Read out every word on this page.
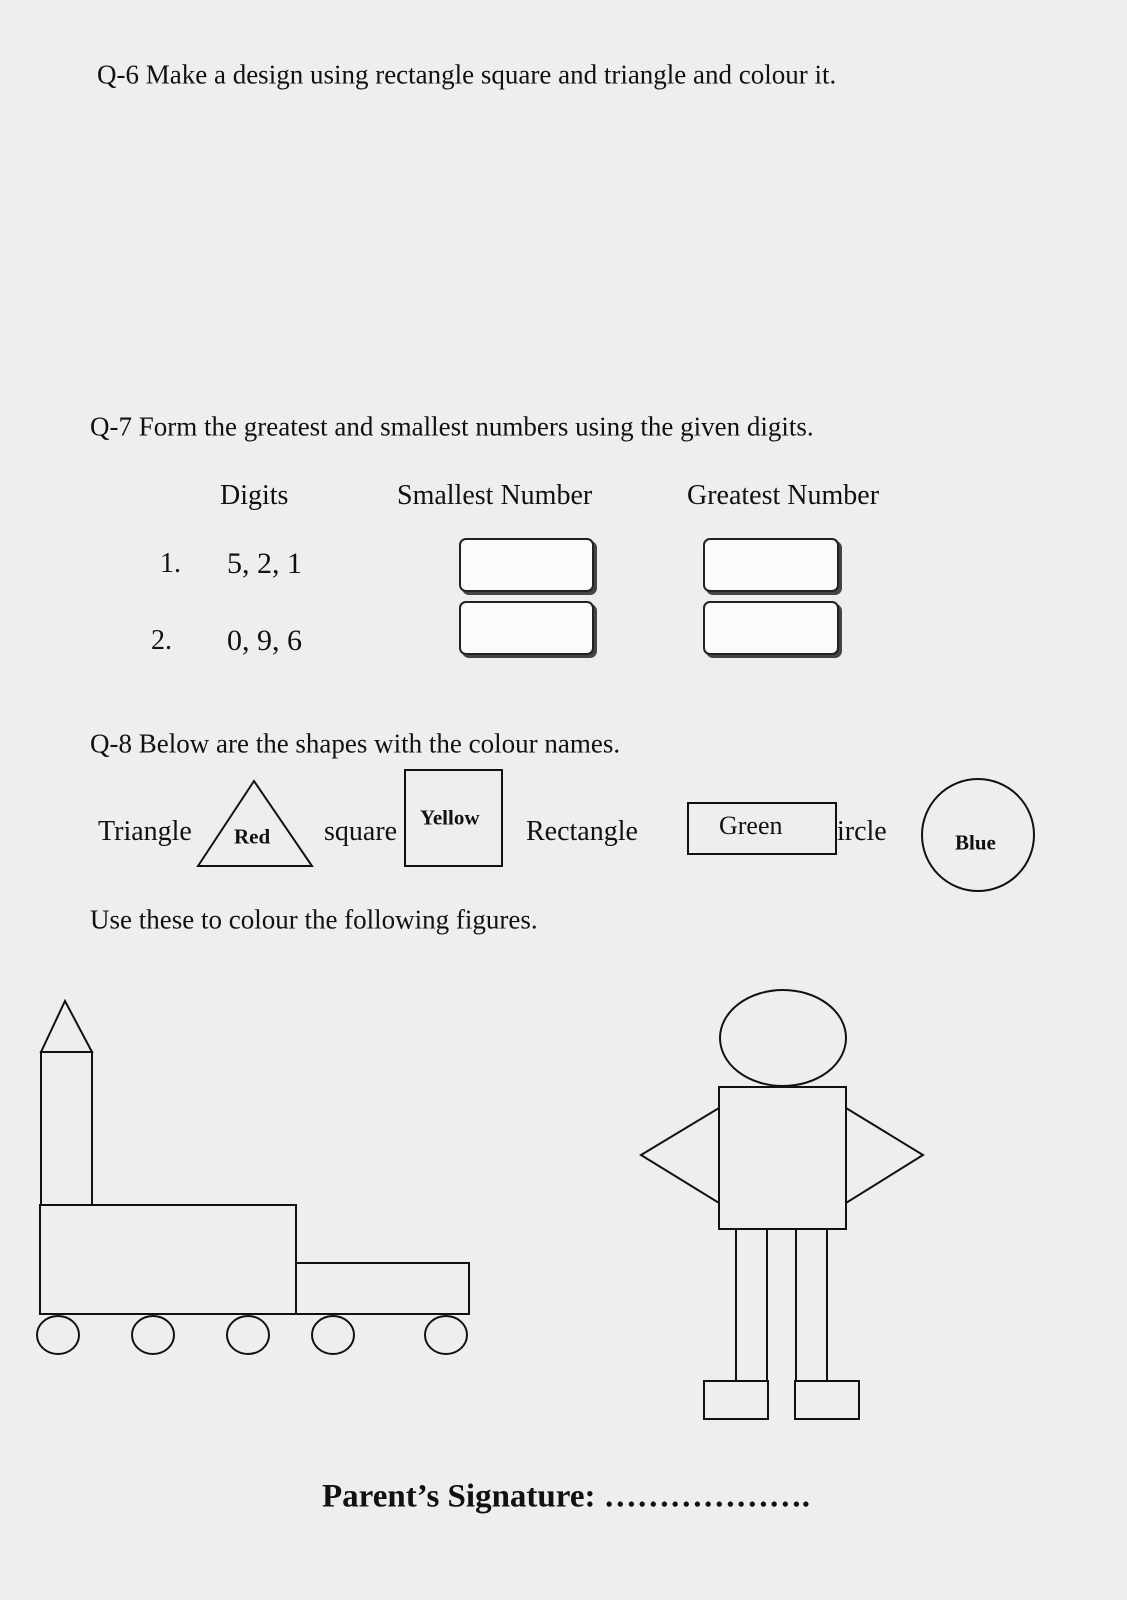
Q-6 Make a design using rectangle square and triangle and colour it.
Q-7 Form the greatest and smallest numbers using the given digits.
Digits	Smallest Number	Greatest Number
1. 5, 2, 1
2. 0, 9, 6
Q-8 Below are the shapes with the colour names.
Triangle Red square Yellow Rectangle	Green ircle	Blue
Use these to colour the following figures.
Parent’s Signature: ……………….
